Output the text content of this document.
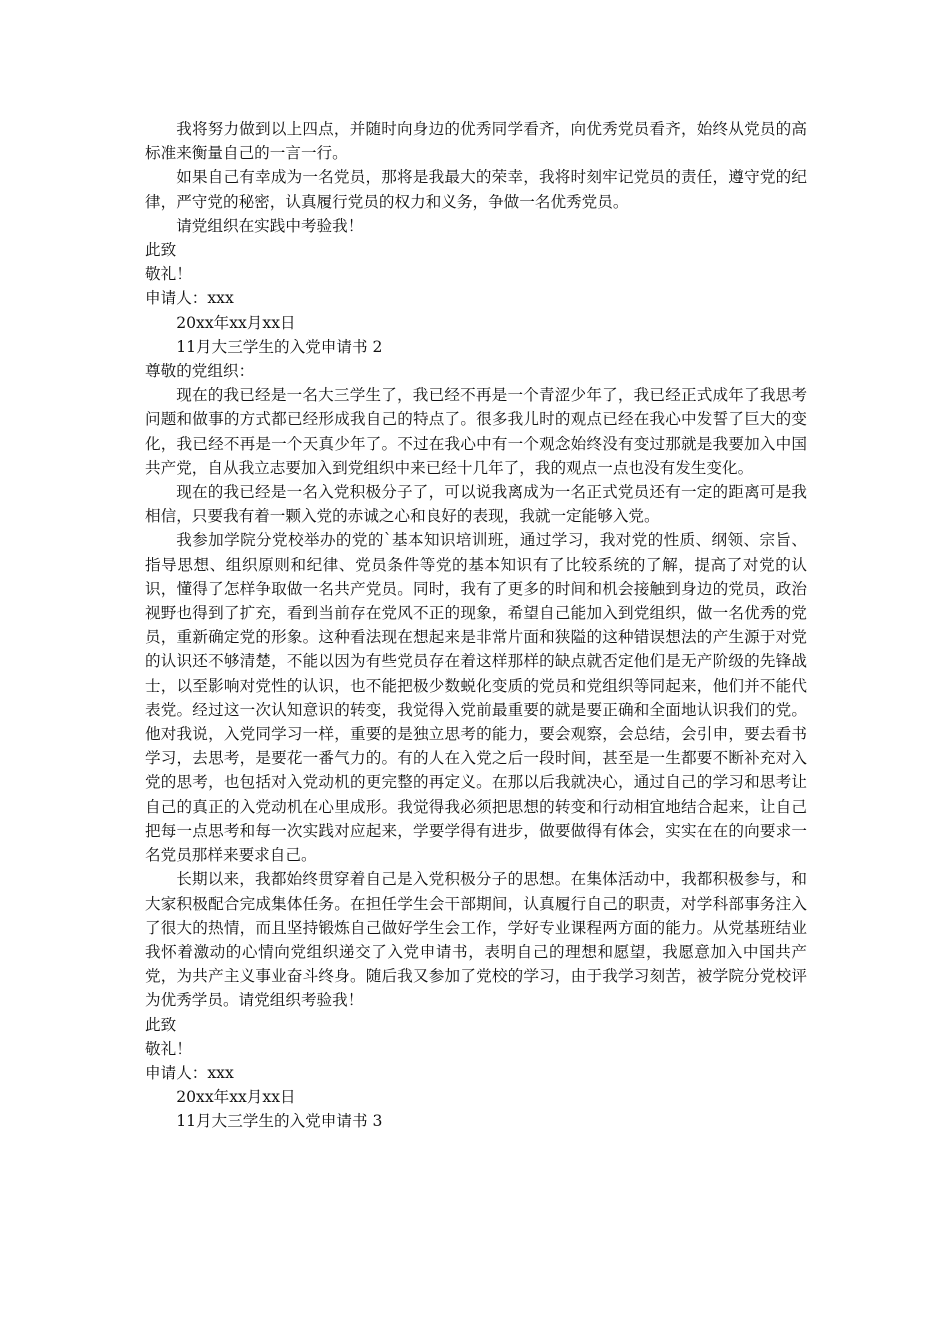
我将努力做到以上四点，并随时向身边的优秀同学看齐，向优秀党员看齐，始终从党员的高标准来衡量自己的一言一行。

如果自己有幸成为一名党员，那将是我最大的荣幸，我将时刻牢记党员的责任，遵守党的纪律，严守党的秘密，认真履行党员的权力和义务，争做一名优秀党员。

请党组织在实践中考验我！

此致

敬礼！

申请人：xxx

20xx年xx月xx日

11月大三学生的入党申请书 2

尊敬的党组织：

现在的我已经是一名大三学生了，我已经不再是一个青涩少年了，我已经正式成年了我思考问题和做事的方式都已经形成我自己的特点了。很多我儿时的观点已经在我心中发誓了巨大的变化，我已经不再是一个天真少年了。不过在我心中有一个观念始终没有变过那就是我要加入中国共产党，自从我立志要加入到党组织中来已经十几年了，我的观点一点也没有发生变化。

现在的我已经是一名入党积极分子了，可以说我离成为一名正式党员还有一定的距离可是我相信，只要我有着一颗入党的赤诚之心和良好的表现，我就一定能够入党。

我参加学院分党校举办的党的`基本知识培训班，通过学习，我对党的性质、纲领、宗旨、指导思想、组织原则和纪律、党员条件等党的基本知识有了比较系统的了解，提高了对党的认识，懂得了怎样争取做一名共产党员。同时，我有了更多的时间和机会接触到身边的党员，政治视野也得到了扩充，看到当前存在党风不正的现象，希望自己能加入到党组织，做一名优秀的党员，重新确定党的形象。这种看法现在想起来是非常片面和狭隘的这种错误想法的产生源于对党的认识还不够清楚，不能以因为有些党员存在着这样那样的缺点就否定他们是无产阶级的先锋战士，以至影响对党性的认识，也不能把极少数蜕化变质的党员和党组织等同起来，他们并不能代表党。经过这一次认知意识的转变，我觉得入党前最重要的就是要正确和全面地认识我们的党。他对我说，入党同学习一样，重要的是独立思考的能力，要会观察，会总结，会引申，要去看书学习，去思考，是要花一番气力的。有的人在入党之后一段时间，甚至是一生都要不断补充对入党的思考，也包括对入党动机的更完整的再定义。在那以后我就决心，通过自己的学习和思考让自己的真正的入党动机在心里成形。我觉得我必须把思想的转变和行动相宜地结合起来，让自己把每一点思考和每一次实践对应起来，学要学得有进步，做要做得有体会，实实在在的向要求一名党员那样来要求自己。

长期以来，我都始终贯穿着自己是入党积极分子的思想。在集体活动中，我都积极参与，和大家积极配合完成集体任务。在担任学生会干部期间，认真履行自己的职责，对学科部事务注入了很大的热情，而且坚持锻炼自己做好学生会工作，学好专业课程两方面的能力。从党基班结业我怀着激动的心情向党组织递交了入党申请书，表明自己的理想和愿望，我愿意加入中国共产党，为共产主义事业奋斗终身。随后我又参加了党校的学习，由于我学习刻苦，被学院分党校评为优秀学员。请党组织考验我！

此致

敬礼！

申请人：xxx

20xx年xx月xx日

11月大三学生的入党申请书 3
